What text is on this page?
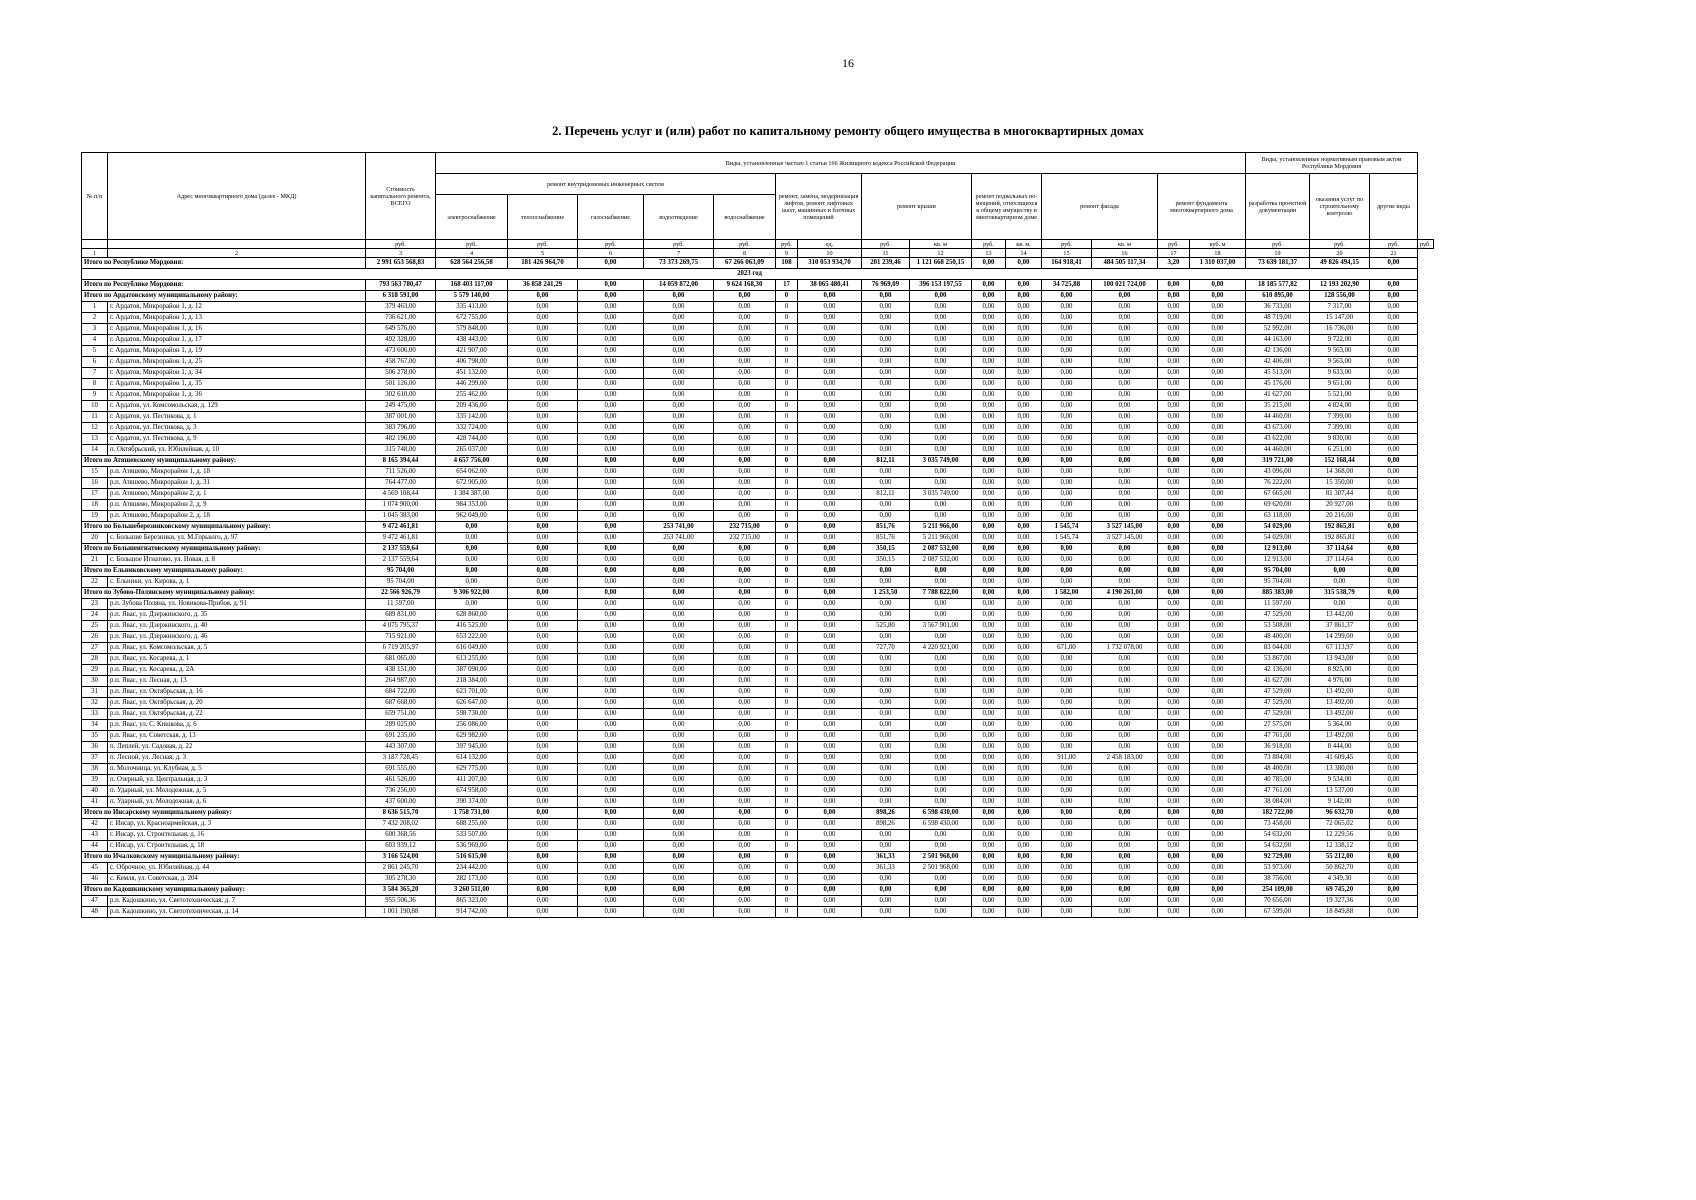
16
2. Перечень услуг и (или) работ по капитальному ремонту общего имущества в многоквартирных домах
№ п/п	Адрес многоквартирного дома (далее - МКД)	Стоимость капитального ремонта, ВСЕГО	Виды, установленные частью 1 статьи 166 Жилищного кодекса Российской Федерации															Виды, установленные нормативным правовым актом Республики Мордовия			
			ремонт внутридомовых инженерных систем					ремонт, замена, модернизация лифтов, ремонт лифтовых шахт, машинных и блочных помещений		ремонт крыши		ремонт подвальных по-мещений, относящихся к общему имуществу в многоквартирном доме		ремонт фасада		ремонт фундамента многоквартирного дома		разработка проектной документации	оказания услуг по строительному контролю	другие виды	
			электроснабжение	теплоснабжение	газоснабжение	водоотведение	водоснабжение														
		руб.	руб.	руб.	руб.	руб.	руб.	руб.	ед.	руб.	кв. м	руб.	кв. м.	руб.	кв. м	руб.	куб. м	руб.	руб.	руб.	руб.
1	2	3	4	5	6	7	8	9	10	11	12	13	14	15	16	17	18	19	20	21	
Итого по Республике Мордовия:		2 991 653 568,83	628 564 256,58	181 426 964,70	0,00	73 373 269,75	67 266 063,09	108	310 053 934,70	201 239,46	1 121 668 250,15	0,00	0,00	164 918,41	484 505 117,34	3,20	1 310 037,00	73 639 181,37	49 826 494,15	0,00	
2023 год																					
Итого по Республике Мордовия:		793 563 780,47	168 403 117,00	36 858 241,29	0,00	14 059 872,00	9 624 168,30	17	38 065 480,41	76 969,09	396 153 197,55	0,00	0,00	34 725,88	100 021 724,00	0,00	0,00	18 185 577,82	12 193 202,90	0,00	
Итого по Ардатовскому муниципальному району:		6 318 591,00	5 579 140,00	0,00	0,00	0,00	0,00	0	0,00	0,00	0,00	0,00	0,00	0,00	0,00	0,00	0,00	610 895,00	128 556,00	0,00	
1	г. Ардатов, Микрорайон 1, д. 12	379 463,00	335 413,00	0,00	0,00	0,00	0,00	0	0,00	0,00	0,00	0,00	0,00	0,00	0,00	0,00	0,00	36 733,00	7 317,00	0,00	
2	г. Ардатов, Микрорайон 1, д. 13	736 621,00	672 755,00	0,00	0,00	0,00	0,00	0	0,00	0,00	0,00	0,00	0,00	0,00	0,00	0,00	0,00	48 719,00	15 147,00	0,00	
3	г. Ардатов, Микрорайон 1, д. 16	649 576,00	579 848,00	0,00	0,00	0,00	0,00	0	0,00	0,00	0,00	0,00	0,00	0,00	0,00	0,00	0,00	52 992,00	16 736,00	0,00	
4	г. Ардатов, Микрорайон 1, д. 17	492 328,00	438 443,00	0,00	0,00	0,00	0,00	0	0,00	0,00	0,00	0,00	0,00	0,00	0,00	0,00	0,00	44 163,00	9 722,00	0,00	
5	г. Ардатов, Микрорайон 1, д. 19	473 606,00	421 907,00	0,00	0,00	0,00	0,00	0	0,00	0,00	0,00	0,00	0,00	0,00	0,00	0,00	0,00	42 136,00	9 563,00	0,00	
6	г. Ардатов, Микрорайон 1, д. 25	458 767,00	406 798,00	0,00	0,00	0,00	0,00	0	0,00	0,00	0,00	0,00	0,00	0,00	0,00	0,00	0,00	42 406,00	9 563,00	0,00	
7	г. Ардатов, Микрорайон 1, д. 34	506 278,00	451 132,00	0,00	0,00	0,00	0,00	0	0,00	0,00	0,00	0,00	0,00	0,00	0,00	0,00	0,00	45 513,00	9 633,00	0,00	
8	г. Ардатов, Микрорайон 1, д. 35	501 126,00	446 299,00	0,00	0,00	0,00	0,00	0	0,00	0,00	0,00	0,00	0,00	0,00	0,00	0,00	0,00	45 176,00	9 651,00	0,00	
9	г. Ардатов, Микрорайон 1, д. 36	302 610,00	255 462,00	0,00	0,00	0,00	0,00	0	0,00	0,00	0,00	0,00	0,00	0,00	0,00	0,00	0,00	41 627,00	5 521,00	0,00	
10	г. Ардатов, ул. Комсомольская, д. 129	249 475,00	209 436,00	0,00	0,00	0,00	0,00	0	0,00	0,00	0,00	0,00	0,00	0,00	0,00	0,00	0,00	35 215,00	4 824,00	0,00	
11	г. Ардатов, ул. Пестикова, д. 1	387 001,00	335 142,00	0,00	0,00	0,00	0,00	0	0,00	0,00	0,00	0,00	0,00	0,00	0,00	0,00	0,00	44 460,00	7 399,00	0,00	
12	г. Ардатов, ул. Пестикова, д. 3	383 796,00	332 724,00	0,00	0,00	0,00	0,00	0	0,00	0,00	0,00	0,00	0,00	0,00	0,00	0,00	0,00	43 673,00	7 399,00	0,00	
13	г. Ардатов, ул. Пестикова, д. 9	482 196,00	428 744,00	0,00	0,00	0,00	0,00	0	0,00	0,00	0,00	0,00	0,00	0,00	0,00	0,00	0,00	43 622,00	9 830,00	0,00	
14	п. Октябрьский, ул. Юбилейная, д. 10	315 748,00	265 037,00	0,00	0,00	0,00	0,00	0	0,00	0,00	0,00	0,00	0,00	0,00	0,00	0,00	0,00	44 460,00	6 251,00	0,00	
Итого по Атяшевскому муниципальному району:		8 165 394,44	4 657 756,00	0,00	0,00	0,00	0,00	0	0,00	812,11	3 035 749,00	0,00	0,00	0,00	0,00	0,00	0,00	319 721,00	152 168,44	0,00	
15	р.п. Атяшево, Микрорайон 1, д. 18	711 526,00	654 062,00	0,00	0,00	0,00	0,00	0	0,00	0,00	0,00	0,00	0,00	0,00	0,00	0,00	0,00	43 096,00	14 368,00	0,00	
16	р.п. Атяшево, Микрорайон 1, д. 31	764 477,00	672 905,00	0,00	0,00	0,00	0,00	0	0,00	0,00	0,00	0,00	0,00	0,00	0,00	0,00	0,00	76 222,00	15 350,00	0,00	
17	р.п. Атяшево, Микрорайон 2, д. 1	4 569 108,44	1 384 387,00	0,00	0,00	0,00	0,00	0	0,00	812,11	3 035 749,00	0,00	0,00	0,00	0,00	0,00	0,00	67 665,00	81 307,44	0,00	
18	р.п. Атяшево, Микрорайон 2, д. 9	1 074 900,00	984 353,00	0,00	0,00	0,00	0,00	0	0,00	0,00	0,00	0,00	0,00	0,00	0,00	0,00	0,00	69 620,00	20 927,00	0,00	
19	р.п. Атяшево, Микрорайон 2, д. 18	1 045 383,00	962 049,00	0,00	0,00	0,00	0,00	0	0,00	0,00	0,00	0,00	0,00	0,00	0,00	0,00	0,00	63 118,00	20 216,00	0,00	
Итого по Большеберезниковскому муниципальному району:		9 472 461,81	0,00	0,00	0,00	253 741,00	232 715,00	0	0,00	851,76	5 211 966,00	0,00	0,00	1 545,74	3 527 145,00	0,00	0,00	54 029,00	192 865,81	0,00	
20	с. Большие Березники, ул. М.Горького, д. 97	9 472 461,81	0,00	0,00	0,00	253 741,00	232 715,00	0	0,00	851,76	5 211 966,00	0,00	0,00	1 545,74	3 527 145,00	0,00	0,00	54 029,00	192 865,81	0,00	
Итого по Большеигнатовскому муниципальному району:		2 137 559,64	0,00	0,00	0,00	0,00	0,00	0	0,00	350,15	2 087 532,00	0,00	0,00	0,00	0,00	0,00	0,00	12 913,00	37 114,64	0,00	
21	с. Большое Игнатово, ул. Новая, д. 8	2 137 559,64	0,00	0,00	0,00	0,00	0,00	0	0,00	350,15	2 087 532,00	0,00	0,00	0,00	0,00	0,00	0,00	12 913,00	37 114,64	0,00	
Итого по Ельниковскому муниципальному району:		95 704,00	0,00	0,00	0,00	0,00	0,00	0	0,00	0,00	0,00	0,00	0,00	0,00	0,00	0,00	0,00	95 704,00	0,00	0,00	
22	с. Ельники, ул. Кирова, д. 1	95 704,00	0,00	0,00	0,00	0,00	0,00	0	0,00	0,00	0,00	0,00	0,00	0,00	0,00	0,00	0,00	95 704,00	0,00	0,00	
Итого по Зубово-Полянскому муниципальному району:		22 566 926,79	9 306 922,00	0,00	0,00	0,00	0,00	0	0,00	1 253,50	7 788 822,00	0,00	0,00	1 582,00	4 190 261,00	0,00	0,00	885 383,00	315 538,79	0,00	
23	р.п. Зубова Поляна, ул. Новикова-Прибоя, д. 91	11 597,00	0,00	0,00	0,00	0,00	0,00	0	0,00	0,00	0,00	0,00	0,00	0,00	0,00	0,00	0,00	11 597,00	0,00	0,00	
24	р.п. Явас, ул. Дзержинского, д. 35	689 831,00	628 860,00	0,00	0,00	0,00	0,00	0	0,00	0,00	0,00	0,00	0,00	0,00	0,00	0,00	0,00	47 529,00	13 442,00	0,00	
25	р.п. Явас, ул. Дзержинского, д. 40	4 075 795,37	416 525,00	0,00	0,00	0,00	0,00	0	0,00	525,80	3 567 901,00	0,00	0,00	0,00	0,00	0,00	0,00	53 508,00	37 861,37	0,00	
26	р.п. Явас, ул. Дзержинского, д. 46	715 921,00	653 222,00	0,00	0,00	0,00	0,00	0	0,00	0,00	0,00	0,00	0,00	0,00	0,00	0,00	0,00	48 400,00	14 299,00	0,00	
27	р.п. Явас, ул. Комсомольская, д. 5	6 719 205,97	616 049,00	0,00	0,00	0,00	0,00	0	0,00	727,70	4 220 921,00	0,00	0,00	671,00	1 732 078,00	0,00	0,00	83 044,00	67 113,97	0,00	
28	р.п. Явас, ул. Косарева, д. 1	681 065,00	613 255,00	0,00	0,00	0,00	0,00	0	0,00	0,00	0,00	0,00	0,00	0,00	0,00	0,00	0,00	53 867,00	13 943,00	0,00	
29	р.п. Явас, ул. Косарева, д. 2А	438 151,00	387 090,00	0,00	0,00	0,00	0,00	0	0,00	0,00	0,00	0,00	0,00	0,00	0,00	0,00	0,00	42 136,00	8 925,00	0,00	
30	р.п. Явас, ул. Лесная, д. 13	264 987,00	218 384,00	0,00	0,00	0,00	0,00	0	0,00	0,00	0,00	0,00	0,00	0,00	0,00	0,00	0,00	41 627,00	4 976,00	0,00	
31	р.п. Явас, ул. Октябрьская, д. 16	684 722,00	623 701,00	0,00	0,00	0,00	0,00	0	0,00	0,00	0,00	0,00	0,00	0,00	0,00	0,00	0,00	47 529,00	13 492,00	0,00	
32	р.п. Явас, ул. Октябрьская, д. 20	687 668,00	626 647,00	0,00	0,00	0,00	0,00	0	0,00	0,00	0,00	0,00	0,00	0,00	0,00	0,00	0,00	47 529,00	13 492,00	0,00	
33	р.п. Явас, ул. Октябрьская, д. 22	659 751,00	598 730,00	0,00	0,00	0,00	0,00	0	0,00	0,00	0,00	0,00	0,00	0,00	0,00	0,00	0,00	47 529,00	13 492,00	0,00	
34	р.п. Явас, ул. С. Кишкова, д. 6	289 025,00	256 086,00	0,00	0,00	0,00	0,00	0	0,00	0,00	0,00	0,00	0,00	0,00	0,00	0,00	0,00	27 575,00	5 364,00	0,00	
35	р.п. Явас, ул. Советская, д. 13	691 235,00	629 982,00	0,00	0,00	0,00	0,00	0	0,00	0,00	0,00	0,00	0,00	0,00	0,00	0,00	0,00	47 761,00	13 492,00	0,00	
36	п. Леплей, ул. Садовая, д. 22	443 307,00	397 945,00	0,00	0,00	0,00	0,00	0	0,00	0,00	0,00	0,00	0,00	0,00	0,00	0,00	0,00	36 918,00	8 444,00	0,00	
37	п. Лесной, ул. Лесная, д. 3	3 187 728,45	614 132,00	0,00	0,00	0,00	0,00	0	0,00	0,00	0,00	0,00	0,00	911,00	2 458 183,00	0,00	0,00	73 804,00	41 609,45	0,00	
38	п. Молочница, ул. Клубная, д. 5	691 555,00	629 775,00	0,00	0,00	0,00	0,00	0	0,00	0,00	0,00	0,00	0,00	0,00	0,00	0,00	0,00	48 400,00	13 380,00	0,00	
39	п. Озерный, ул. Центральная, д. 3	461 526,00	411 207,00	0,00	0,00	0,00	0,00	0	0,00	0,00	0,00	0,00	0,00	0,00	0,00	0,00	0,00	40 785,00	9 534,00	0,00	
40	п. Ударный, ул. Молодежная, д. 5	736 256,00	674 958,00	0,00	0,00	0,00	0,00	0	0,00	0,00	0,00	0,00	0,00	0,00	0,00	0,00	0,00	47 761,00	13 537,00	0,00	
41	п. Ударный, ул. Молодежная, д. 6	437 600,00	390 374,00	0,00	0,00	0,00	0,00	0	0,00	0,00	0,00	0,00	0,00	0,00	0,00	0,00	0,00	38 084,00	9 142,00	0,00	
Итого по Инсарскому муниципальному району:		8 636 515,70	1 758 731,00	0,00	0,00	0,00	0,00	0	0,00	898,26	6 598 430,00	0,00	0,00	0,00	0,00	0,00	0,00	182 722,00	96 632,70	0,00	
42	г. Инсар, ул. Красноармейская, д. 3	7 432 208,02	688 255,00	0,00	0,00	0,00	0,00	0	0,00	898,26	6 598 430,00	0,00	0,00	0,00	0,00	0,00	0,00	73 458,00	72 065,02	0,00	
43	г. Инсар, ул. Строительная, д. 16	600 368,56	533 507,00	0,00	0,00	0,00	0,00	0	0,00	0,00	0,00	0,00	0,00	0,00	0,00	0,00	0,00	54 632,00	12 229,56	0,00	
44	г. Инсар, ул. Строительная, д. 18	603 939,12	536 969,00	0,00	0,00	0,00	0,00	0	0,00	0,00	0,00	0,00	0,00	0,00	0,00	0,00	0,00	54 632,00	12 338,12	0,00	
Итого по Ичалковскому муниципальному району:		3 166 524,00	516 615,00	0,00	0,00	0,00	0,00	0	0,00	361,33	2 501 968,00	0,00	0,00	0,00	0,00	0,00	0,00	92 729,00	55 212,00	0,00	
45	с. Оброчное, ул. Юбилейная, д. 44	2 861 245,70	234 442,00	0,00	0,00	0,00	0,00	0	0,00	361,33	2 501 968,00	0,00	0,00	0,00	0,00	0,00	0,00	53 973,00	50 862,70	0,00	
46	с. Кемля, ул. Советская, д. 204	305 278,30	282 173,00	0,00	0,00	0,00	0,00	0	0,00	0,00	0,00	0,00	0,00	0,00	0,00	0,00	0,00	38 756,00	4 349,30	0,00	
Итого по Кадошкинскому муниципальному району:		3 584 365,20	3 260 511,00	0,00	0,00	0,00	0,00	0	0,00	0,00	0,00	0,00	0,00	0,00	0,00	0,00	0,00	254 109,00	69 745,20	0,00	
47	р.п. Кадошкино, ул. Светотехническая, д. 7	955 506,36	865 323,00	0,00	0,00	0,00	0,00	0	0,00	0,00	0,00	0,00	0,00	0,00	0,00	0,00	0,00	70 656,00	19 327,36	0,00	
48	р.п. Кадошкино, ул. Светотехническая, д. 14	1 001 190,88	914 742,00	0,00	0,00	0,00	0,00	0	0,00	0,00	0,00	0,00	0,00	0,00	0,00	0,00	0,00	67 599,00	18 849,88	0,00	
